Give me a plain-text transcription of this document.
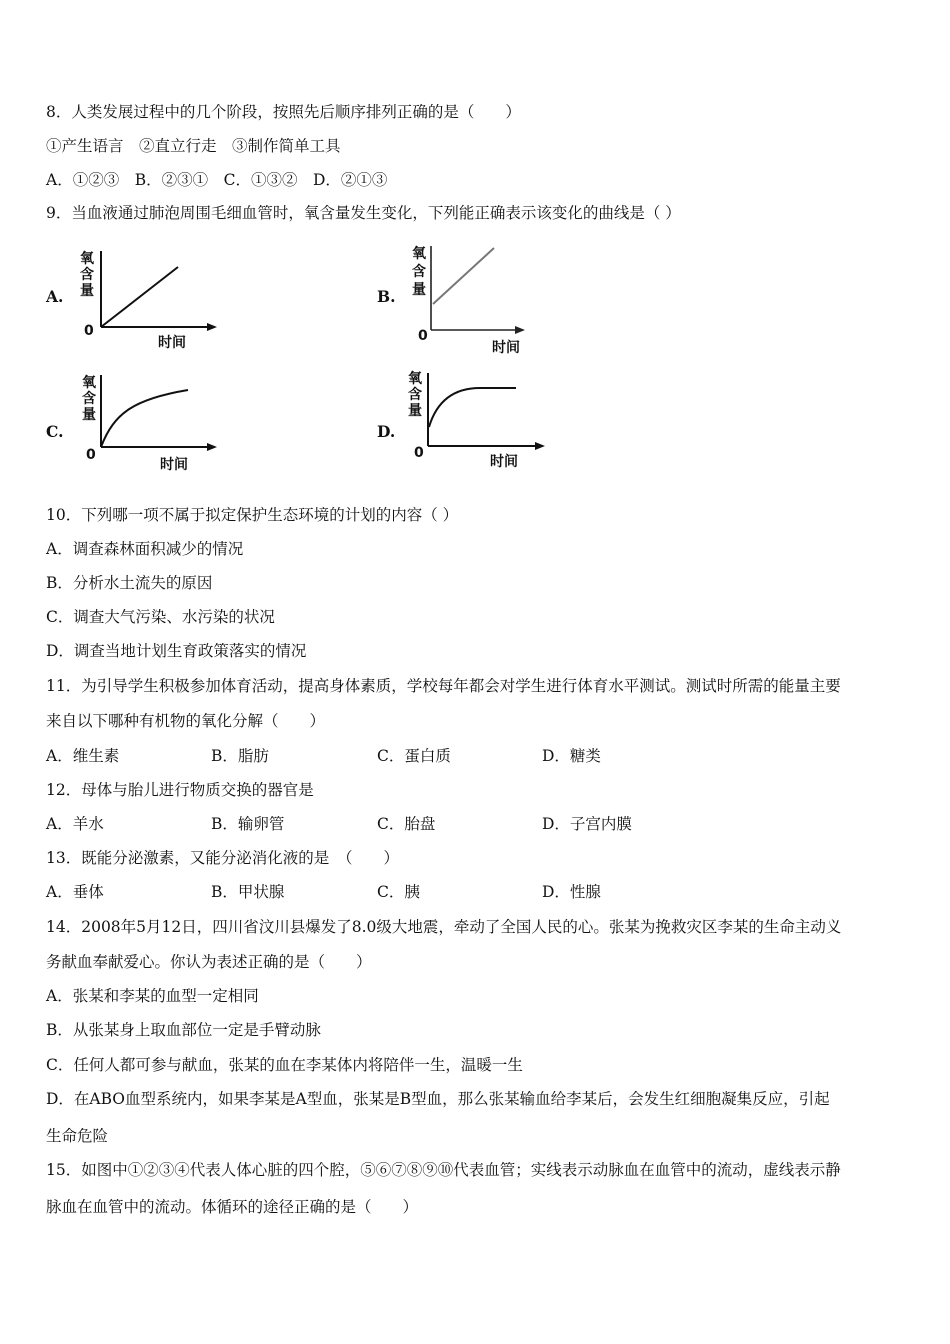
8．人类发展过程中的几个阶段，按照先后顺序排列正确的是（　　）
①产生语言　②直立行走　③制作简单工具
A．①②③　B．②③①　C．①③②　D．②①③
9．当血液通过肺泡周围毛细血管时，氧含量发生变化，下列能正确表示该变化的曲线是（ ）
A.
氧
含
量
0
时间
B.
氧
含
量
0
时间
C.
氧
含
量
0
时间
D.
氧
含
量
0
时间
10．下列哪一项不属于拟定保护生态环境的计划的内容（ ）
A．调查森林面积减少的情况
B．分析水土流失的原因
C．调查大气污染、水污染的状况
D．调查当地计划生育政策落实的情况
11．为引导学生积极参加体育活动，提高身体素质，学校每年都会对学生进行体育水平测试。测试时所需的能量主要
来自以下哪种有机物的氧化分解（　　）
A．维生素	B．脂肪	C．蛋白质	D．糖类
12．母体与胎儿进行物质交换的器官是
A．羊水	B．输卵管	C．胎盘	D．子宫内膜
13．既能分泌激素，又能分泌消化液的是　（　　）
A．垂体	B．甲状腺	C．胰	D．性腺
14．2008年5月12日，四川省汶川县爆发了8.0级大地震，牵动了全国人民的心。张某为挽救灾区李某的生命主动义
务献血奉献爱心。你认为表述正确的是（　　）
A．张某和李某的血型一定相同
B．从张某身上取血部位一定是手臂动脉
C．任何人都可参与献血，张某的血在李某体内将陪伴一生，温暖一生
D．在ABO血型系统内，如果李某是A型血，张某是B型血，那么张某输血给李某后，会发生红细胞凝集反应，引起
生命危险
15．如图中①②③④代表人体心脏的四个腔，⑤⑥⑦⑧⑨⑩代表血管；实线表示动脉血在血管中的流动，虚线表示静
脉血在血管中的流动。体循环的途径正确的是（　　）
